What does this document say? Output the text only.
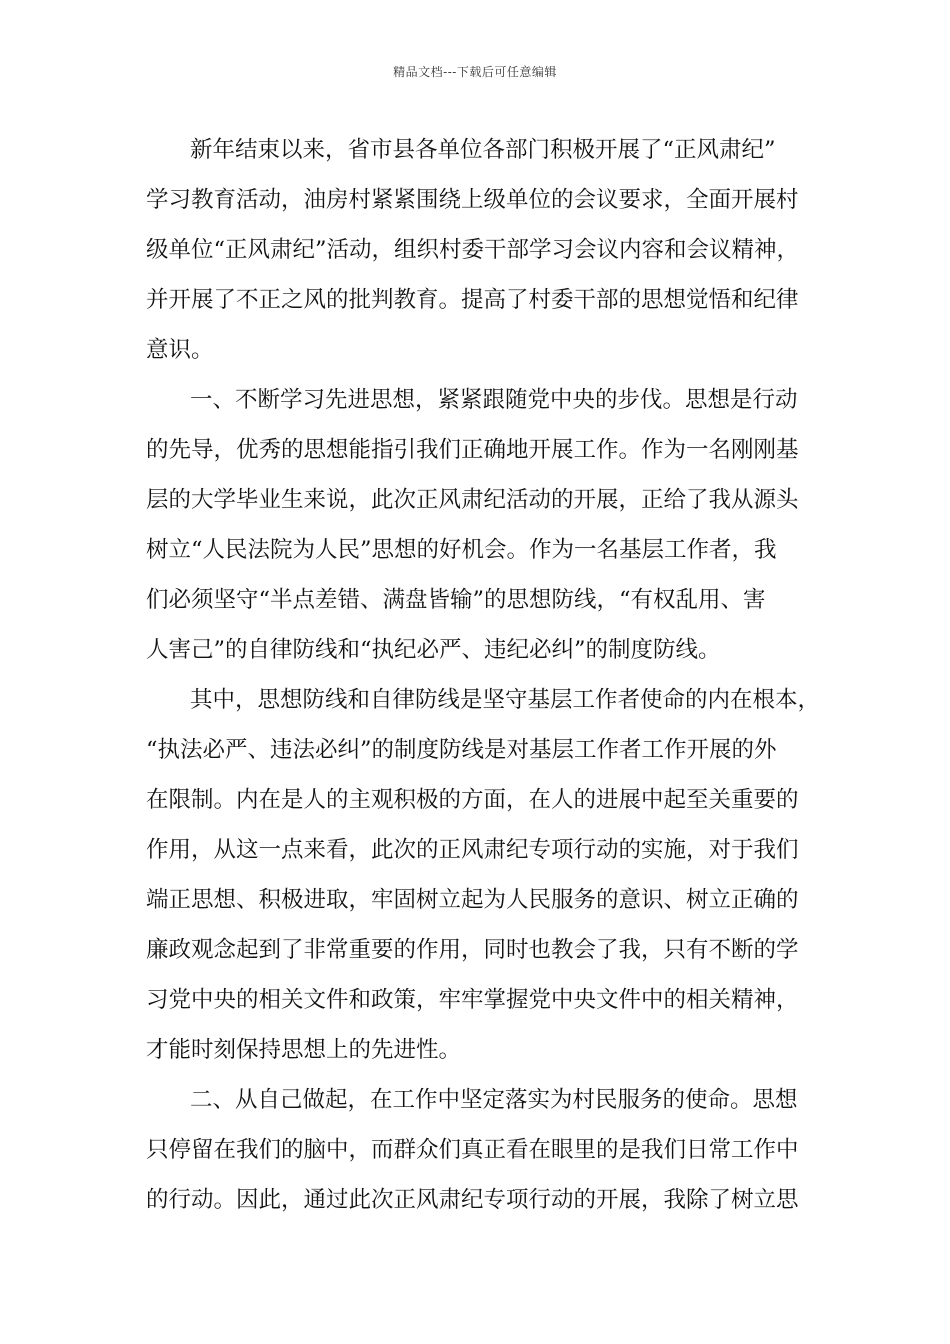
精品文档---下载后可任意编辑
新年结束以来，省市县各单位各部门积极开展了“正风肃纪”
学习教育活动，油房村紧紧围绕上级单位的会议要求，全面开展村
级单位“正风肃纪”活动，组织村委干部学习会议内容和会议精神，
并开展了不正之风的批判教育。提高了村委干部的思想觉悟和纪律
意识。
一、不断学习先进思想，紧紧跟随党中央的步伐。思想是行动
的先导，优秀的思想能指引我们正确地开展工作。作为一名刚刚基
层的大学毕业生来说，此次正风肃纪活动的开展，正给了我从源头
树立“人民法院为人民”思想的好机会。作为一名基层工作者，我
们必须坚守“半点差错、满盘皆输”的思想防线，“有权乱用、害
人害己”的自律防线和“执纪必严、违纪必纠”的制度防线。
其中，思想防线和自律防线是坚守基层工作者使命的内在根本，
“执法必严、违法必纠”的制度防线是对基层工作者工作开展的外
在限制。内在是人的主观积极的方面，在人的进展中起至关重要的
作用，从这一点来看，此次的正风肃纪专项行动的实施，对于我们
端正思想、积极进取，牢固树立起为人民服务的意识、树立正确的
廉政观念起到了非常重要的作用，同时也教会了我，只有不断的学
习党中央的相关文件和政策，牢牢掌握党中央文件中的相关精神，
才能时刻保持思想上的先进性。
二、从自己做起，在工作中坚定落实为村民服务的使命。思想
只停留在我们的脑中，而群众们真正看在眼里的是我们日常工作中
的行动。因此，通过此次正风肃纪专项行动的开展，我除了树立思
